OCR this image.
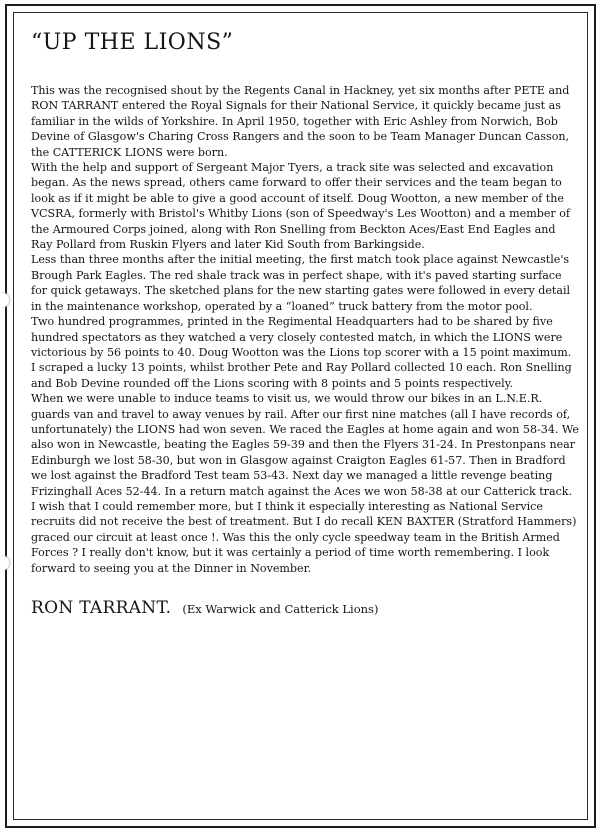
“UP THE LIONS”

This was the recognised shout by the Regents Canal in Hackney, yet six months after PETE and RON TARRANT entered the Royal Signals for their National Service, it quickly became just as familiar in the wilds of Yorkshire. In April 1950, together with Eric Ashley from Norwich, Bob Devine of Glasgow's Charing Cross Rangers and the soon to be Team Manager Duncan Casson, the CATTERICK LIONS were born.

With the help and support of Sergeant Major Tyers, a track site was selected and excavation began. As the news spread, others came forward to offer their services and the team began to look as if it might be able to give a good account of itself. Doug Wootton, a new member of the VCSRA, formerly with Bristol's Whitby Lions (son of Speedway's Les Wootton) and a member of the Armoured Corps joined, along with Ron Snelling from Beckton Aces/East End Eagles and Ray Pollard from Ruskin Flyers and later Kid South from Barkingside.

Less than three months after the initial meeting, the first match took place against Newcastle's Brough Park Eagles. The red shale track was in perfect shape, with it's paved starting surface for quick getaways. The sketched plans for the new starting gates were followed in every detail in the maintenance workshop, operated by a “loaned” truck battery from the motor pool.

Two hundred programmes, printed in the Regimental Headquarters had to be shared by five hundred spectators as they watched a very closely contested match, in which the LIONS were victorious by 56 points to 40. Doug Wootton was the Lions top scorer with a 15 point maximum. I scraped a lucky 13 points, whilst brother Pete and Ray Pollard collected 10 each. Ron Snelling and Bob Devine rounded off the Lions scoring with 8 points and 5 points respectively.

When we were unable to induce teams to visit us, we would throw our bikes in an L.N.E.R. guards van and travel to away venues by rail. After our first nine matches (all I have records of, unfortunately) the LIONS had won seven. We raced the Eagles at home again and won 58-34. We also won in Newcastle, beating the Eagles 59-39 and then the Flyers 31-24. In Prestonpans near Edinburgh we lost 58-30, but won in Glasgow against Craigton Eagles 61-57. Then in Bradford we lost against the Bradford Test team 53-43. Next day we managed a little revenge beating Frizinghall Aces 52-44. In a return match against the Aces we won 58-38 at our Catterick track.

I wish that I could remember more, but I think it especially interesting as National Service recruits did not receive the best of treatment. But I do recall KEN BAXTER (Stratford Hammers) graced our circuit at least once !. Was this the only cycle speedway team in the British Armed Forces ? I really don't know, but it was certainly a period of time worth remembering. I look forward to seeing you at the Dinner in November.

RON TARRANT. (Ex Warwick and Catterick Lions)
